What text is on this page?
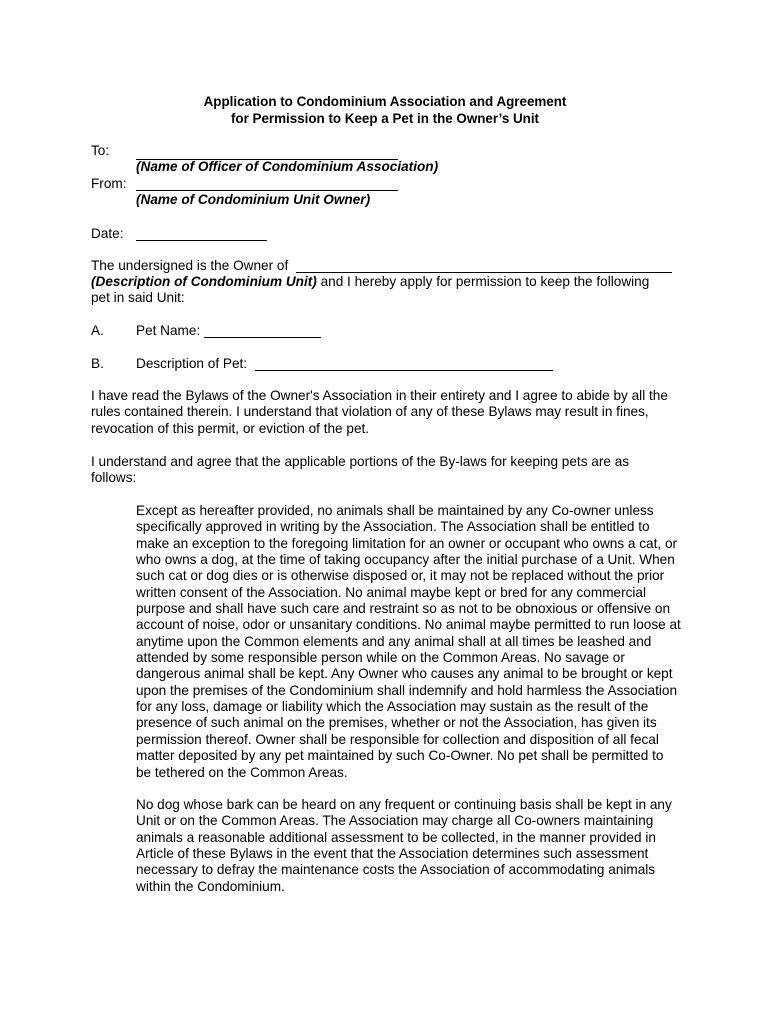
Application to Condominium Association and Agreement
for Permission to Keep a Pet in the Owner’s Unit
To:
(Name of Officer of Condominium Association)
From:
(Name of Condominium Unit Owner)
Date:
The undersigned is the Owner of
(Description of Condominium Unit) and I hereby apply for permission to keep the following
pet in said Unit:
A. Pet Name:
B. Description of Pet:
I have read the Bylaws of the Owner's Association in their entirety and I agree to abide by all the rules contained therein. I understand that violation of any of these Bylaws may result in fines, revocation of this permit, or eviction of the pet.
I understand and agree that the applicable portions of the By-laws for keeping pets are as follows:
Except as hereafter provided, no animals shall be maintained by any Co-owner unless specifically approved in writing by the Association. The Association shall be entitled to make an exception to the foregoing limitation for an owner or occupant who owns a cat, or who owns a dog, at the time of taking occupancy after the initial purchase of a Unit. When such cat or dog dies or is otherwise disposed or, it may not be replaced without the prior written consent of the Association. No animal maybe kept or bred for any commercial purpose and shall have such care and restraint so as not to be obnoxious or offensive on account of noise, odor or unsanitary conditions. No animal maybe permitted to run loose at anytime upon the Common elements and any animal shall at all times be leashed and attended by some responsible person while on the Common Areas. No savage or dangerous animal shall be kept. Any Owner who causes any animal to be brought or kept upon the premises of the Condominium shall indemnify and hold harmless the Association for any loss, damage or liability which the Association may sustain as the result of the presence of such animal on the premises, whether or not the Association, has given its permission thereof. Owner shall be responsible for collection and disposition of all fecal matter deposited by any pet maintained by such Co-Owner. No pet shall be permitted to be tethered on the Common Areas.
No dog whose bark can be heard on any frequent or continuing basis shall be kept in any Unit or on the Common Areas. The Association may charge all Co-owners maintaining animals a reasonable additional assessment to be collected, in the manner provided in Article of these Bylaws in the event that the Association determines such assessment necessary to defray the maintenance costs the Association of accommodating animals within the Condominium.
